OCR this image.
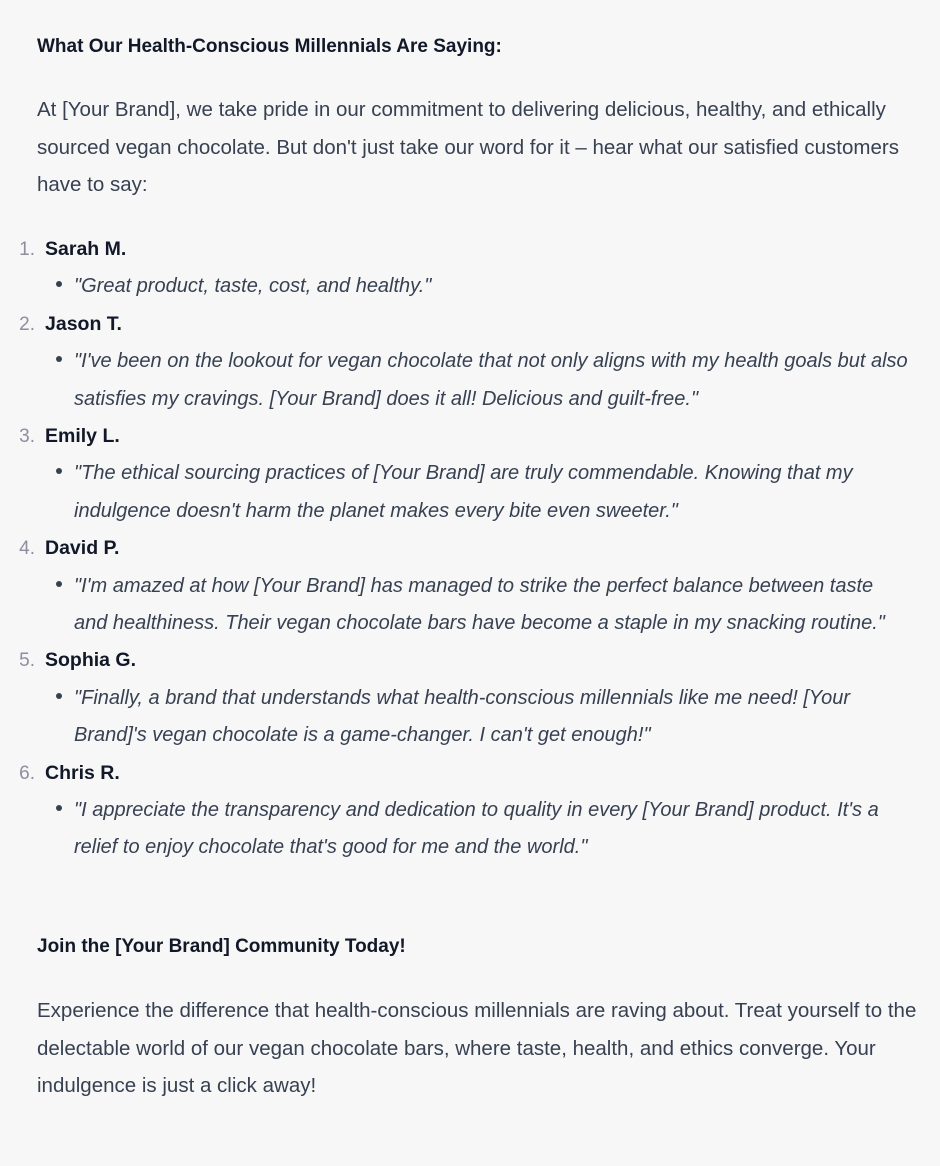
What Our Health-Conscious Millennials Are Saying:

At [Your Brand], we take pride in our commitment to delivering delicious, healthy, and ethically sourced vegan chocolate. But don't just take our word for it – hear what our satisfied customers have to say:

1. Sarah M.

"Great product, taste, cost, and healthy."

2. Jason T.

"I've been on the lookout for vegan chocolate that not only aligns with my health goals but also satisfies my cravings. [Your Brand] does it all! Delicious and guilt-free."

3. Emily L.

"The ethical sourcing practices of [Your Brand] are truly commendable. Knowing that my indulgence doesn't harm the planet makes every bite even sweeter."

4. David P.

"I'm amazed at how [Your Brand] has managed to strike the perfect balance between taste and healthiness. Their vegan chocolate bars have become a staple in my snacking routine."

5. Sophia G.

"Finally, a brand that understands what health-conscious millennials like me need! [Your Brand]'s vegan chocolate is a game-changer. I can't get enough!"

6. Chris R.

"I appreciate the transparency and dedication to quality in every [Your Brand] product. It's a relief to enjoy chocolate that's good for me and the world."

Join the [Your Brand] Community Today!

Experience the difference that health-conscious millennials are raving about. Treat yourself to the delectable world of our vegan chocolate bars, where taste, health, and ethics converge. Your indulgence is just a click away!
